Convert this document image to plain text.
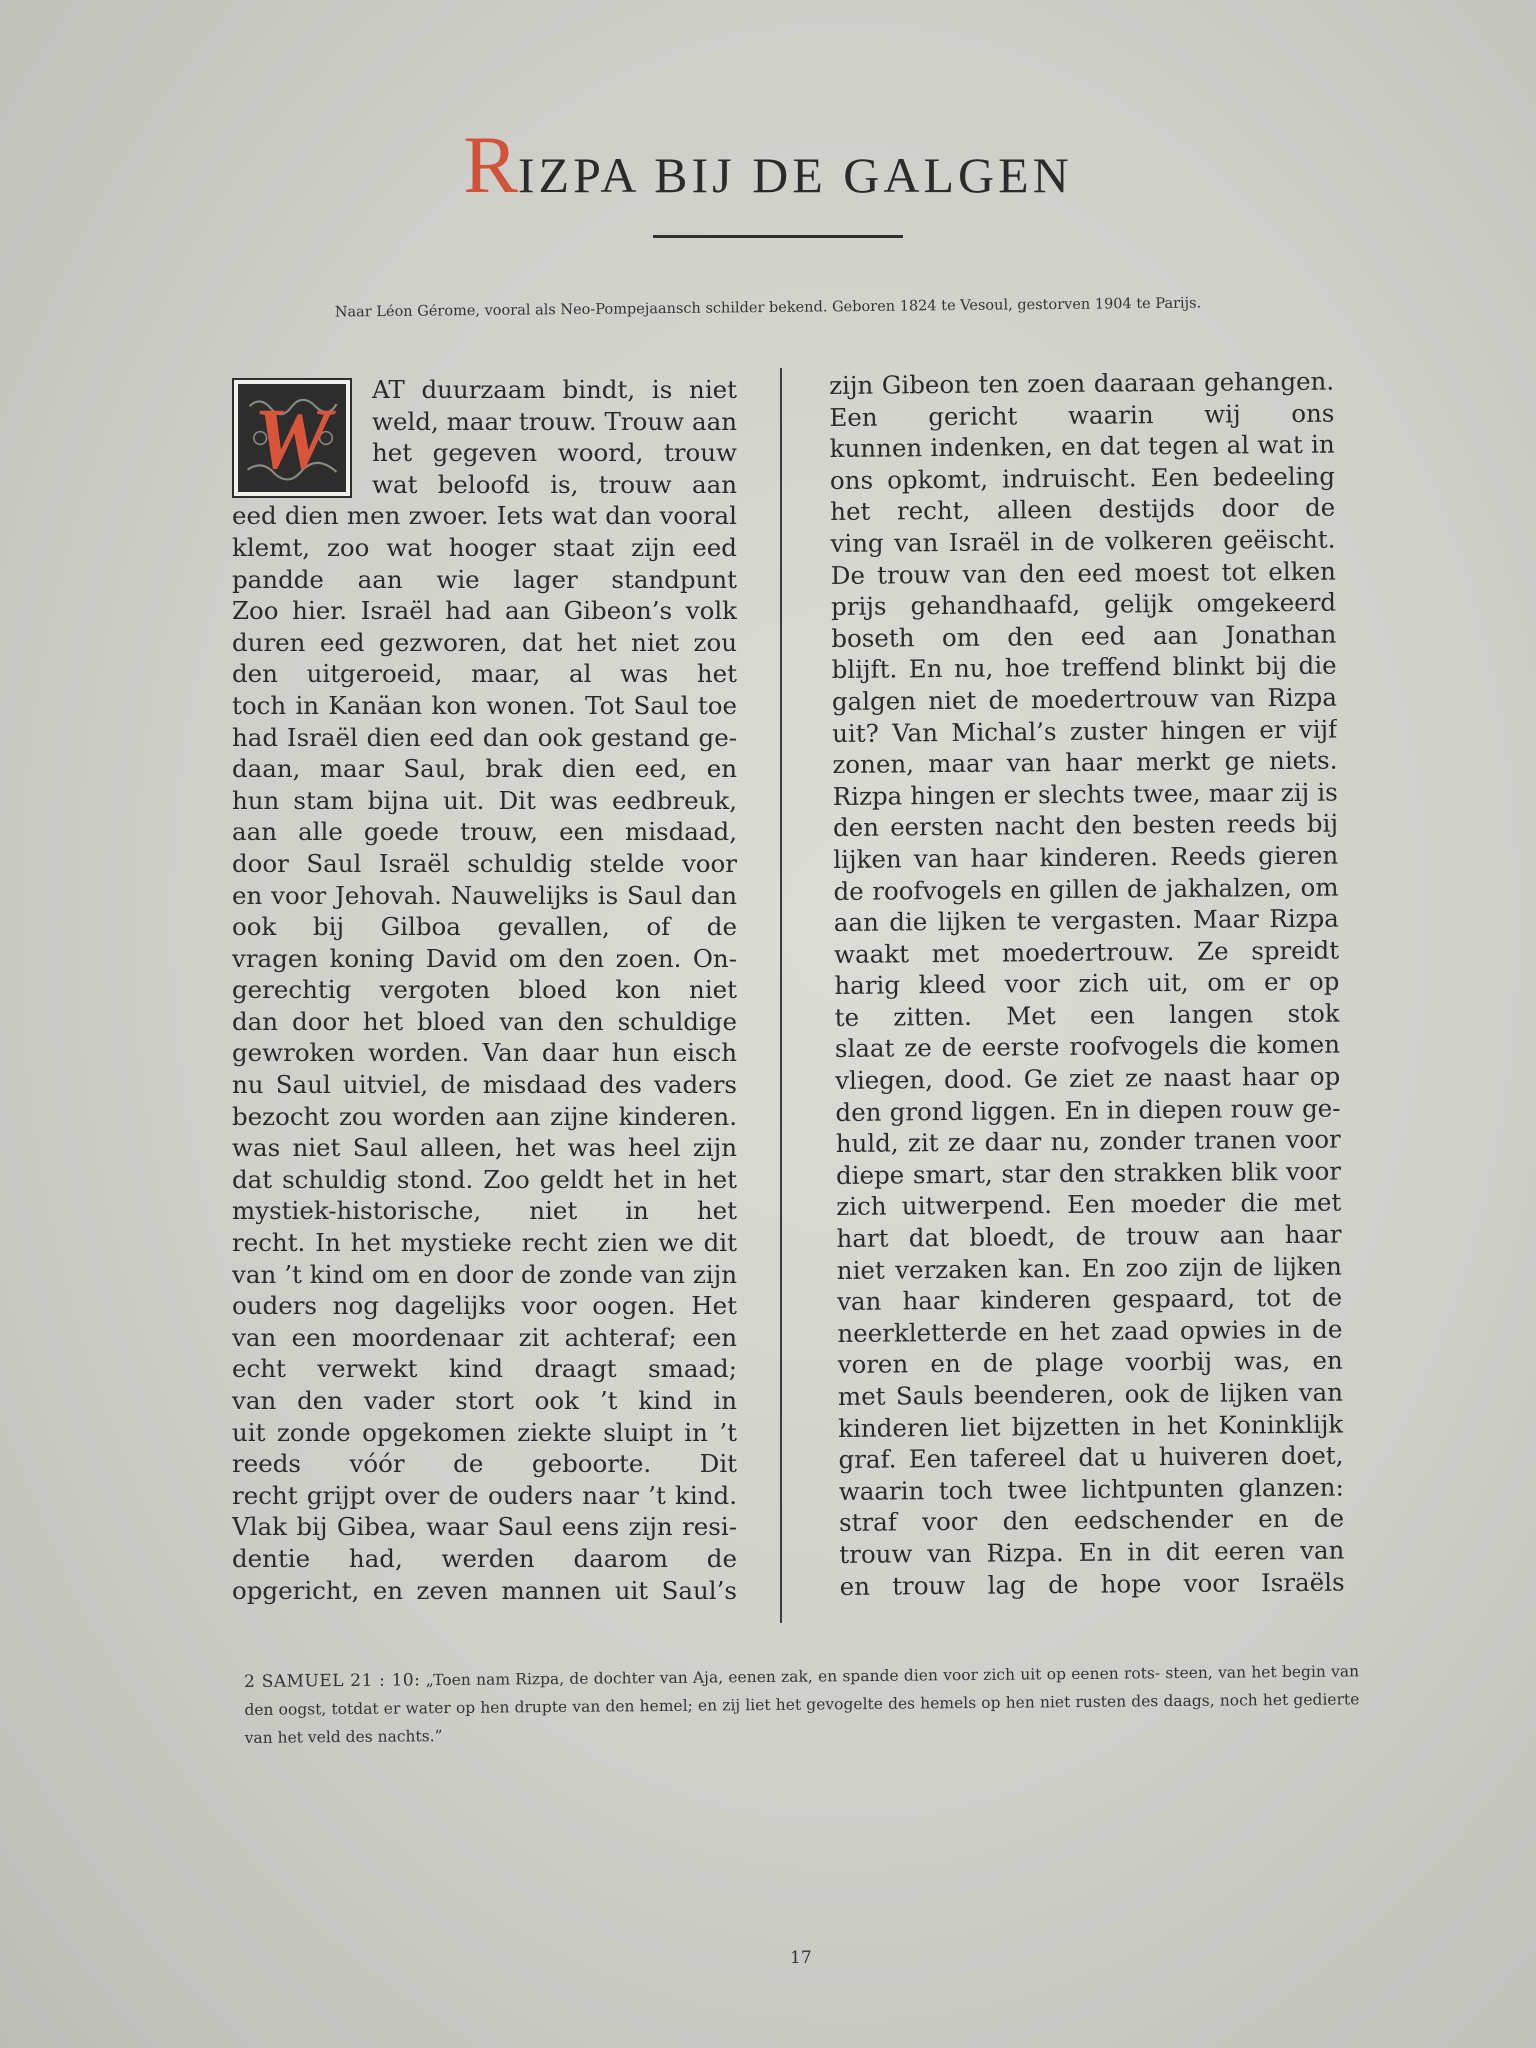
RIZPA BIJ DE GALGEN
Naar Léon Gérome, vooral als Neo-Pompejaansch schilder bekend. Geboren 1824 te Vesoul, gestorven 1904 te Parijs.
W
AT duurzaam bindt, is niet
weld, maar trouw. Trouw aan
het gegeven woord, trouw
wat beloofd is, trouw aan
eed dien men zwoer. Iets wat dan vooral
klemt, zoo wat hooger staat zijn eed
pandde aan wie lager standpunt
Zoo hier. Israël had aan Gibeon’s volk
duren eed gezworen, dat het niet zou
den uitgeroeid, maar, al was het
toch in Kanäan kon wonen. Tot Saul toe
had Israël dien eed dan ook gestand ge-
daan, maar Saul, brak dien eed, en
hun stam bijna uit. Dit was eedbreuk,
aan alle goede trouw, een misdaad,
door Saul Israël schuldig stelde voor
en voor Jehovah. Nauwelijks is Saul dan
ook bij Gilboa gevallen, of de
vragen koning David om den zoen. On-
gerechtig vergoten bloed kon niet
dan door het bloed van den schuldige
gewroken worden. Van daar hun eisch
nu Saul uitviel, de misdaad des vaders
bezocht zou worden aan zijne kinderen.
was niet Saul alleen, het was heel zijn
dat schuldig stond. Zoo geldt het in het
mystiek-historische, niet in het
recht. In het mystieke recht zien we dit
van ’t kind om en door de zonde van zijn
ouders nog dagelijks voor oogen. Het
van een moordenaar zit achteraf; een
echt verwekt kind draagt smaad;
van den vader stort ook ’t kind in
uit zonde opgekomen ziekte sluipt in ’t
reeds vóór de geboorte. Dit
recht grijpt over de ouders naar ’t kind.
Vlak bij Gibea, waar Saul eens zijn resi-
dentie had, werden daarom de
opgericht, en zeven mannen uit Saul’s
zijn Gibeon ten zoen daaraan gehangen.
Een gericht waarin wij ons
kunnen indenken, en dat tegen al wat in
ons opkomt, indruischt. Een bedeeling
het recht, alleen destijds door de
ving van Israël in de volkeren geëischt.
De trouw van den eed moest tot elken
prijs gehandhaafd, gelijk omgekeerd
boseth om den eed aan Jonathan
blijft. En nu, hoe treffend blinkt bij die
galgen niet de moedertrouw van Rizpa
uit? Van Michal’s zuster hingen er vijf
zonen, maar van haar merkt ge niets.
Rizpa hingen er slechts twee, maar zij is
den eersten nacht den besten reeds bij
lijken van haar kinderen. Reeds gieren
de roofvogels en gillen de jakhalzen, om
aan die lijken te vergasten. Maar Rizpa
waakt met moedertrouw. Ze spreidt
harig kleed voor zich uit, om er op
te zitten. Met een langen stok
slaat ze de eerste roofvogels die komen
vliegen, dood. Ge ziet ze naast haar op
den grond liggen. En in diepen rouw ge-
huld, zit ze daar nu, zonder tranen voor
diepe smart, star den strakken blik voor
zich uitwerpend. Een moeder die met
hart dat bloedt, de trouw aan haar
niet verzaken kan. En zoo zijn de lijken
van haar kinderen gespaard, tot de
neerkletterde en het zaad opwies in de
voren en de plage voorbij was, en
met Sauls beenderen, ook de lijken van
kinderen liet bijzetten in het Koninklijk
graf. Een tafereel dat u huiveren doet,
waarin toch twee lichtpunten glanzen:
straf voor den eedschender en de
trouw van Rizpa. En in dit eeren van
en trouw lag de hope voor Israëls
2 SAMUEL 21 : 10: „Toen nam Rizpa, de dochter van Aja, eenen zak, en spande dien voor zich uit op eenen rots- steen, van het begin van den oogst, totdat er water op hen drupte van den hemel; en zij liet het gevogelte des hemels op hen niet rusten des daags, noch het gedierte van het veld des nachts.”
17
